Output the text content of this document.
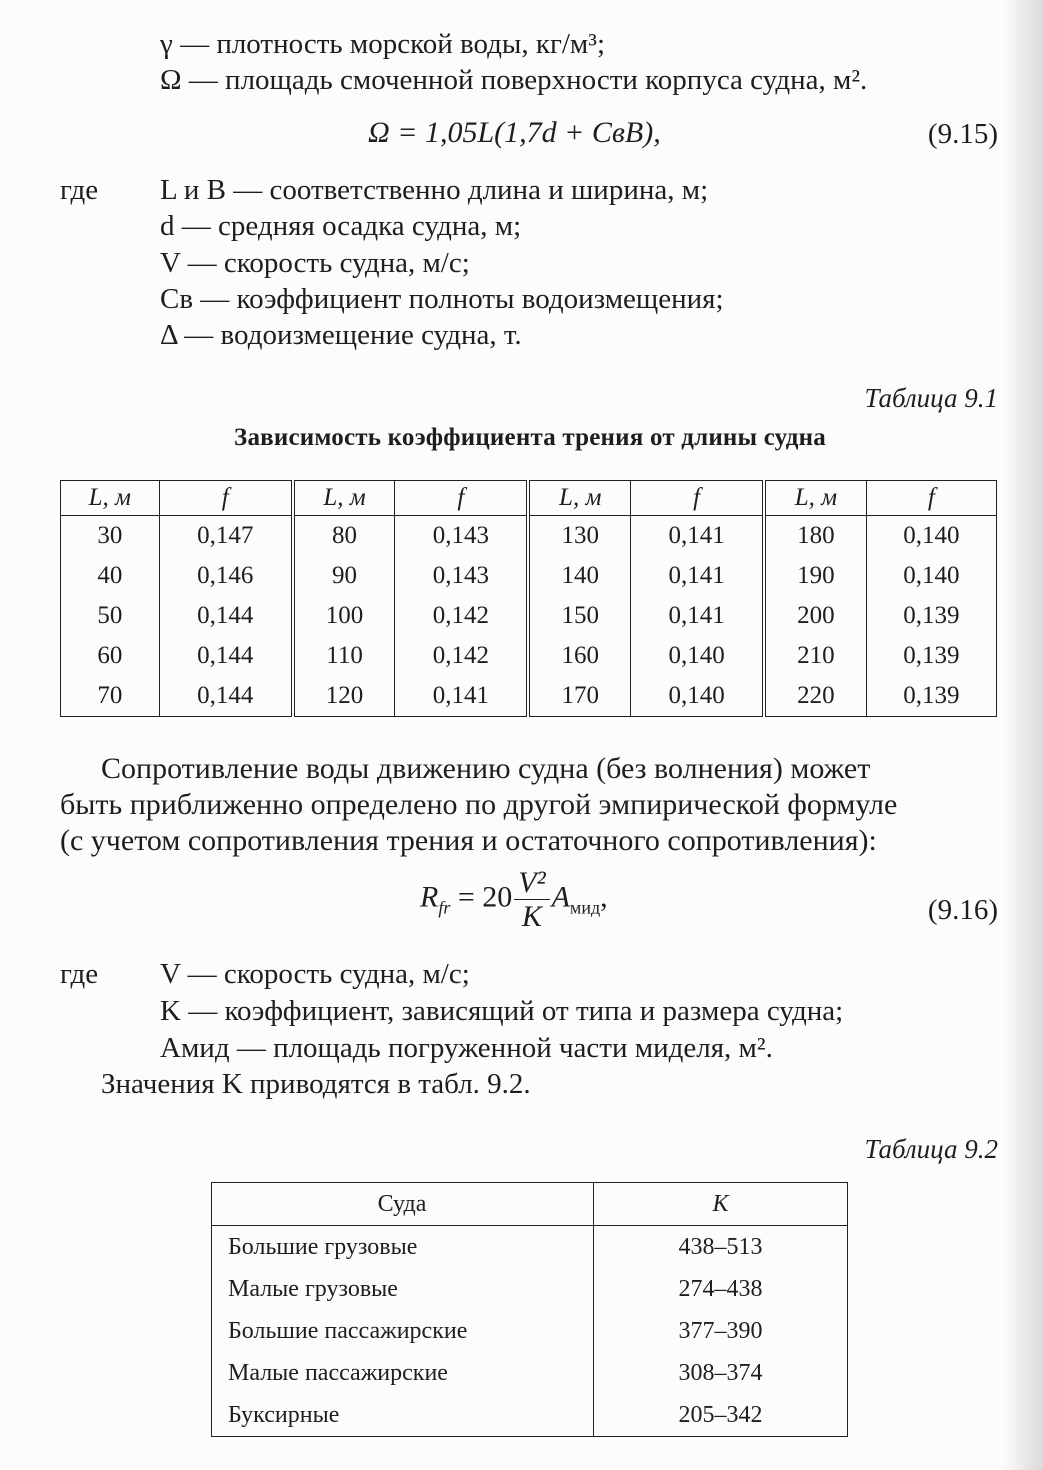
γ — плотность морской воды, кг/м³;
Ω — площадь смоченной поверхности корпуса судна, м².
Ω = 1,05L(1,7d + CвB),	(9.15)
где L и B — соответственно длина и ширина, м;
d — средняя осадка судна, м;
V — скорость судна, м/с;
Cв — коэффициент полноты водоизмещения;
Δ — водоизмещение судна, т.
Таблица 9.1
Зависимость коэффициента трения от длины судна
L, м	f	L, м	f	L, м	f	L, м	f
30	0,147	80	0,143	130	0,141	180	0,140
40	0,146	90	0,143	140	0,141	190	0,140
50	0,144	100	0,142	150	0,141	200	0,139
60	0,144	110	0,142	160	0,140	210	0,139
70	0,144	120	0,141	170	0,140	220	0,139
Сопротивление воды движению судна (без волнения) может
быть приближенно определено по другой эмпирической формуле
(с учетом сопротивления трения и остаточного сопротивления):
$R_{fr} = 20 \frac{\text{V²}}{K} A_{мид}$,	(9.16)
где V — скорость судна, м/с;
K — коэффициент, зависящий от типа и размера судна;
Aмид — площадь погруженной части миделя, м².
Значения K приводятся в табл. 9.2.
Таблица 9.2
Суда	K
Большие грузовые	438–513
Малые грузовые	274–438
Большие пассажирские	377–390
Малые пассажирские	308–374
Буксирные	205–342
